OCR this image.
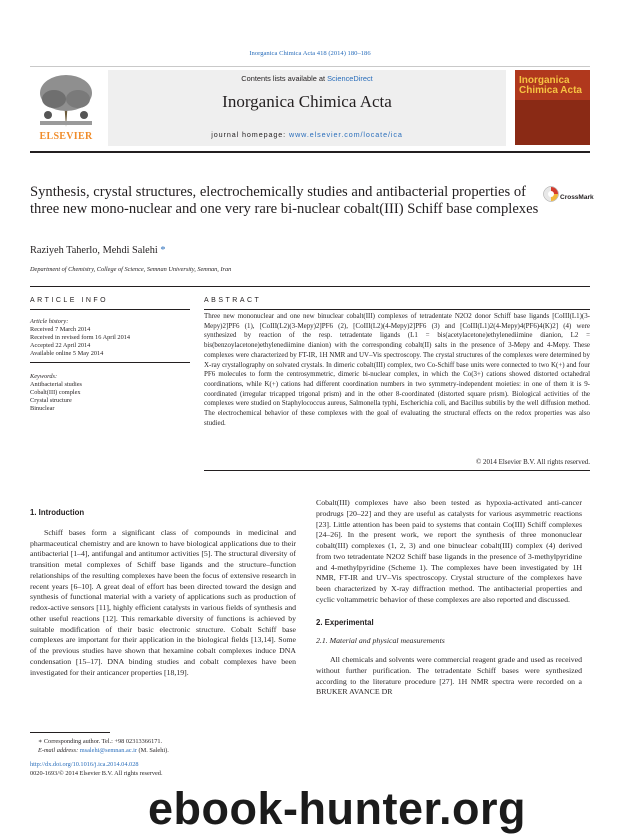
Inorganica Chimica Acta 418 (2014) 180–186
ELSEVIER
Contents lists available at ScienceDirect
Inorganica Chimica Acta
journal homepage: www.elsevier.com/locate/ica
Inorganica
Chimica Acta
Synthesis, crystal structures, electrochemically studies and antibacterial properties of three new mono-nuclear and one very rare bi-nuclear cobalt(III) Schiff base complexes
CrossMark
Raziyeh Taherlo, Mehdi Salehi *
Department of Chemistry, College of Science, Semnan University, Semnan, Iran
ARTICLE INFO	ABSTRACT
Article history:
Received 7 March 2014
Received in revised form 16 April 2014
Accepted 22 April 2014
Available online 5 May 2014
Keywords:
Antibacterial studies
Cobalt(III) complex
Crystal structure
Binuclear
Three new mononuclear and one new binuclear cobalt(III) complexes of tetradentate N2O2 donor Schiff base ligands [CoIII(L1)(3-Mepy)2]PF6 (1), [CoIII(L2)(3-Mepy)2]PF6 (2), [CoIII(L2)(4-Mepy)2]PF6 (3) and [CoIII(L1)2(4-Mepy)4(PF6)4(K)2] (4) were synthesized by reaction of the resp. tetradentate ligands (L1 = bis(acetylacetone)ethylenediimine dianion, L2 = bis(benzoylacetone)ethylenediimine dianion) with the corresponding cobalt(II) salts in the presence of 3-Mepy and 4-Mepy. These complexes were characterized by FT-IR, 1H NMR and UV–Vis spectroscopy. The crystal structures of the complexes were determined by X-ray crystallography on solvated crystals. In dimeric cobalt(III) complex, two Co-Schiff base units were connected to two K(+) and four PF6 molecules to form the centrosymmetric, dimeric bi-nuclear complex, in which the Co(3+) cations showed distorted octahedral coordinations, while K(+) cations had different coordination numbers in two symmetry-independent moieties: in one of them it is 9-coordinated (irregular tricapped trigonal prism) and in the other 8-coordinated (distorted square prism). Biological activities of the complexes were studied on Staphylococcus aureus, Salmonella typhi, Escherichia coli, and Bacillus subtilis by the well diffusion method. The electrochemical behavior of these complexes with the goal of evaluating the structural effects on the redox properties was also studied.
© 2014 Elsevier B.V. All rights reserved.
1. Introduction

Schiff bases form a significant class of compounds in medicinal and pharmaceutical chemistry and are known to have biological applications due to their antibacterial [1–4], antifungal and antitumor activities [5]. The structural diversity of transition metal complexes of Schiff base ligands and the structure–function relationships of the resulting complexes have been the focus of extensive research in recent years [6–10]. A great deal of effort has been directed toward the design and synthesis of functional material with a variety of applications such as production of redox-active sensors [11], highly efficient catalysts in various fields of synthesis and other useful reactions [12]. This remarkable diversity of functions is achieved by suitable modification of their basic electronic structure. Cobalt Schiff base complexes are important for their application in the biological fields [13,14]. Some of the previous studies have shown that hexamine cobalt complexes induce DNA condensation [15–17]. DNA binding studies and cobalt complexes have been investigated for their anticancer properties [18,19].

Cobalt(III) complexes have also been tested as hypoxia-activated anti-cancer prodrugs [20–22] and they are useful as catalysts for various asymmetric reactions [23]. Little attention has been paid to systems that contain Co(III) Schiff complexes [24–26]. In the present work, we report the synthesis of three mononuclear cobalt(III) complexes (1, 2, 3) and one binuclear cobalt(III) complex (4) derived from two tetradentate N2O2 Schiff base ligands in the presence of 3-methylpyridine and 4-methylpyridine (Scheme 1). The complexes have been investigated by 1H NMR, FT-IR and UV–Vis spectroscopy. Crystal structure of the complexes have been characterized by X-ray diffraction method. The antibacterial properties and cyclic voltammetric behavior of these complexes are also reported and discussed.

2. Experimental
2.1. Material and physical measurements

All chemicals and solvents were commercial reagent grade and used as received without further purification. The tetradentate Schiff bases were synthesized according to the literature procedure [27]. 1H NMR spectra were recorded on a BRUKER AVANCE DR

∗ Corresponding author. Tel.: +98 02313366171.
E-mail address: msalehi@semnan.ac.ir (M. Salehi).
http://dx.doi.org/10.1016/j.ica.2014.04.028
0020-1693/© 2014 Elsevier B.V. All rights reserved.
ebook-hunter.org
